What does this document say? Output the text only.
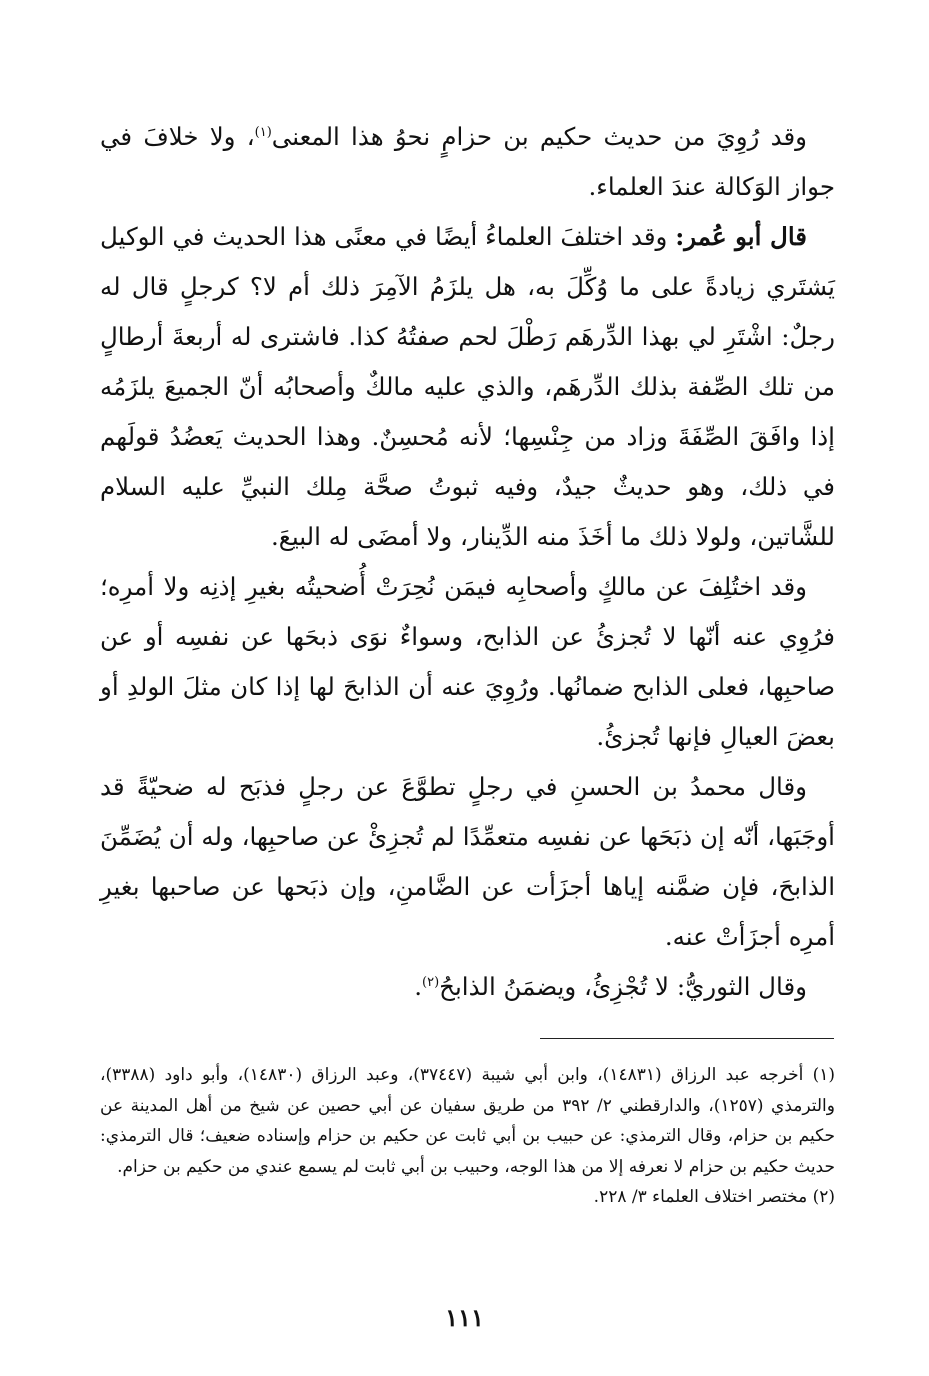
وقد رُوِيَ من حديث حكيم بن حزامٍ نحوُ هذا المعنى$^{(١)}$، ولا خلافَ في جواز الوَكالة عندَ العلماء.

قال أبو عُمر: وقد اختلفَ العلماءُ أيضًا في معنًى هذا الحديث في الوكيل يَشتَري زيادةً على ما وُكِّلَ به، هل يلزَمُ الآمِرَ ذلك أم لا؟ كرجلٍ قال له رجلٌ: اشْتَرِ لي بهذا الدِّرهَم رَطْلَ لحم صفتُهُ كذا. فاشترى له أربعةَ أرطالٍ من تلك الصِّفة بذلك الدِّرهَم، والذي عليه مالكٌ وأصحابُه أنّ الجميعَ يلزَمُه إذا وافَقَ الصِّفَةَ وزاد من جِنْسِها؛ لأنه مُحسِنٌ. وهذا الحديث يَعضُدُ قولَهم في ذلك، وهو حديثٌ جيدٌ، وفيه ثبوتُ صحَّة مِلك النبيِّ عليه السلام للشَّاتين، ولولا ذلك ما أخَذَ منه الدِّينار، ولا أمضَى له البيعَ.

وقد اختُلِفَ عن مالكٍ وأصحابِه فيمَن نُحِرَتْ أُضحيتُه بغيرِ إذنِه ولا أمرِه؛ فرُوِي عنه أنّها لا تُجزئُ عن الذابح، وسواءٌ نوَى ذبحَها عن نفسِه أو عن صاحبِها، فعلى الذابح ضمانُها. ورُوِيَ عنه أن الذابحَ لها إذا كان مثلَ الولدِ أو بعضَ العيالِ فإنها تُجزئُ.

وقال محمدُ بن الحسنِ في رجلٍ تطوَّعَ عن رجلٍ فذبَح له ضحيّةً قد أوجَبَها، أنّه إن ذبَحَها عن نفسِه متعمِّدًا لم تُجزِئْ عن صاحبِها، وله أن يُضَمِّنَ الذابحَ، فإن ضمَّنه إياها أجزَأت عن الضَّامنِ، وإن ذبَحها عن صاحبها بغيرِ أمرِه أجزَأتْ عنه.

وقال الثوريُّ: لا تُجْزِئُ، ويضمَنُ الذابحُ$^{(٢)}$.

(١) أخرجه عبد الرزاق (١٤٨٣١)، وابن أبي شيبة (٣٧٤٤٧)، وعبد الرزاق (١٤٨٣٠)، وأبو داود (٣٣٨٨)، والترمذي (١٢٥٧)، والدارقطني ٢/ ٣٩٢ من طريق سفيان عن أبي حصين عن شيخ من أهل المدينة عن حكيم بن حزام، وقال الترمذي: عن حبيب بن أبي ثابت عن حكيم بن حزام وإسناده ضعيف؛ قال الترمذي: حديث حكيم بن حزام لا نعرفه إلا من هذا الوجه، وحبيب بن أبي ثابت لم يسمع عندي من حكيم بن حزام.

(٢) مختصر اختلاف العلماء ٣/ ٢٢٨.

١١١
